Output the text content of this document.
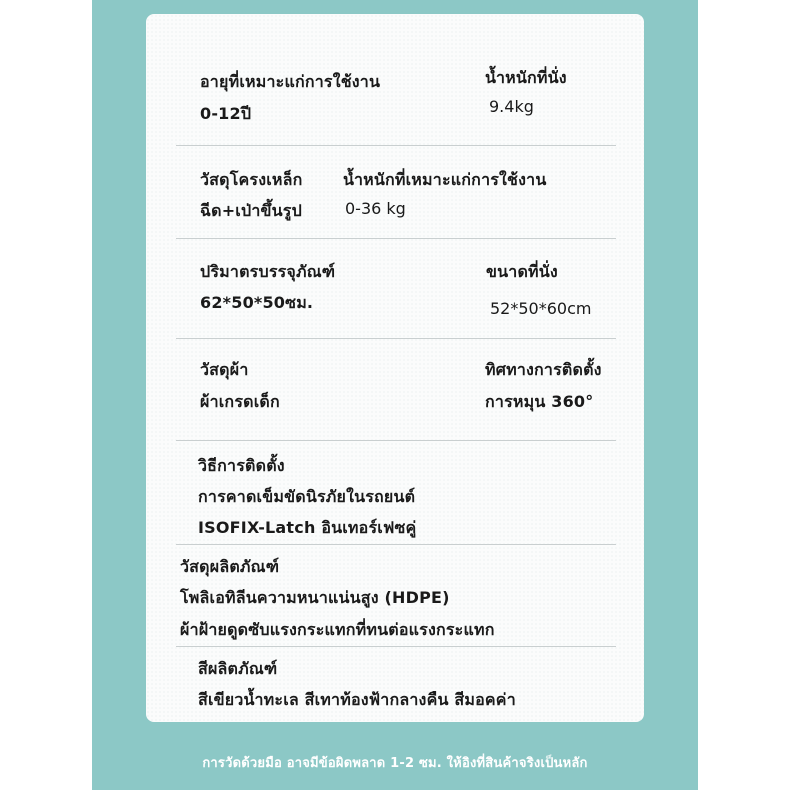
อายุที่เหมาะแก่การใช้งาน
0-12ปี
น้ำหนักที่นั่ง
9.4kg
วัสดุโครงเหล็ก
ฉีด+เป่าขึ้นรูป
น้ำหนักที่เหมาะแก่การใช้งาน
0-36 kg
ปริมาตรบรรจุภัณฑ์
62*50*50ซม.
ขนาดที่นั่ง
52*50*60cm
วัสดุผ้า
ผ้าเกรดเด็ก
ทิศทางการติดตั้ง
การหมุน 360°
วิธีการติดตั้ง
การคาดเข็มขัดนิรภัยในรถยนต์
ISOFIX-Latch อินเทอร์เฟซคู่
วัสดุผลิตภัณฑ์
โพลิเอทิลีนความหนาแน่นสูง (HDPE)
ผ้าฝ้ายดูดซับแรงกระแทกที่ทนต่อแรงกระแทก
สีผลิตภัณฑ์
สีเขียวน้ำทะเล สีเทาท้องฟ้ากลางคืน สีมอคค่า
การวัดด้วยมือ อาจมีข้อผิดพลาด 1-2 ซม. ให้อิงที่สินค้าจริงเป็นหลัก
